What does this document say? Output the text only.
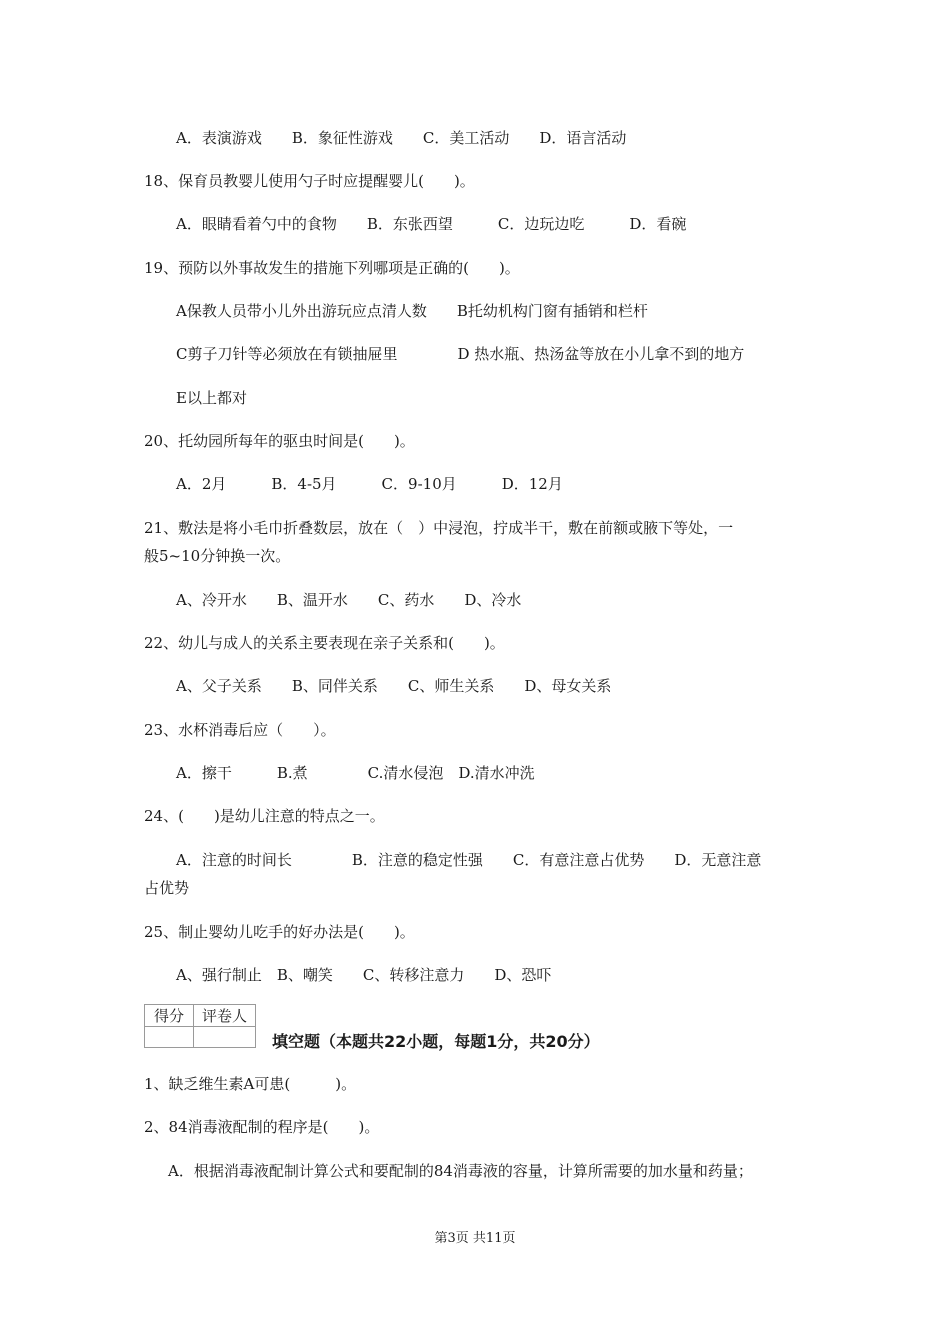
A．表演游戏　　B．象征性游戏　　C．美工活动　　D．语言活动
18、保育员教婴儿使用勺子时应提醒婴儿(　　)。
A．眼睛看着勺中的食物　　B．东张西望　　　C．边玩边吃　　　D．看碗
19、预防以外事故发生的措施下列哪项是正确的(　　)。
A保教人员带小儿外出游玩应点清人数　　B托幼机构门窗有插销和栏杆
C剪子刀针等必须放在有锁抽屉里　　　　D 热水瓶、热汤盆等放在小儿拿不到的地方
E以上都对
20、托幼园所每年的驱虫时间是(　　)。
A．2月　　　B．4-5月　　　C．9-10月　　　D．12月
21、敷法是将小毛巾折叠数层，放在（　）中浸泡，拧成半干，敷在前额或腋下等处，一
般5~10分钟换一次。
A、冷开水　　B、温开水　　C、药水　　D、冷水
22、幼儿与成人的关系主要表现在亲子关系和(　　)。
A、父子关系　　B、同伴关系　　C、师生关系　　D、母女关系
23、水杯消毒后应（　　）。
A．擦干　　　B.煮　　　　C.清水侵泡　D.清水冲洗
24、(　　)是幼儿注意的特点之一。
A．注意的时间长　　　　B．注意的稳定性强　　C．有意注意占优势　　D．无意注意
占优势
25、制止婴幼儿吃手的好办法是(　　)。
A、强行制止　B、嘲笑　　C、转移注意力　　D、恐吓
得分	评卷人

填空题（本题共22小题，每题1分，共20分）
1、缺乏维生素A可患(　　　)。
2、84消毒液配制的程序是(　　)。
A．根据消毒液配制计算公式和要配制的84消毒液的容量，计算所需要的加水量和药量；
第3页 共11页
